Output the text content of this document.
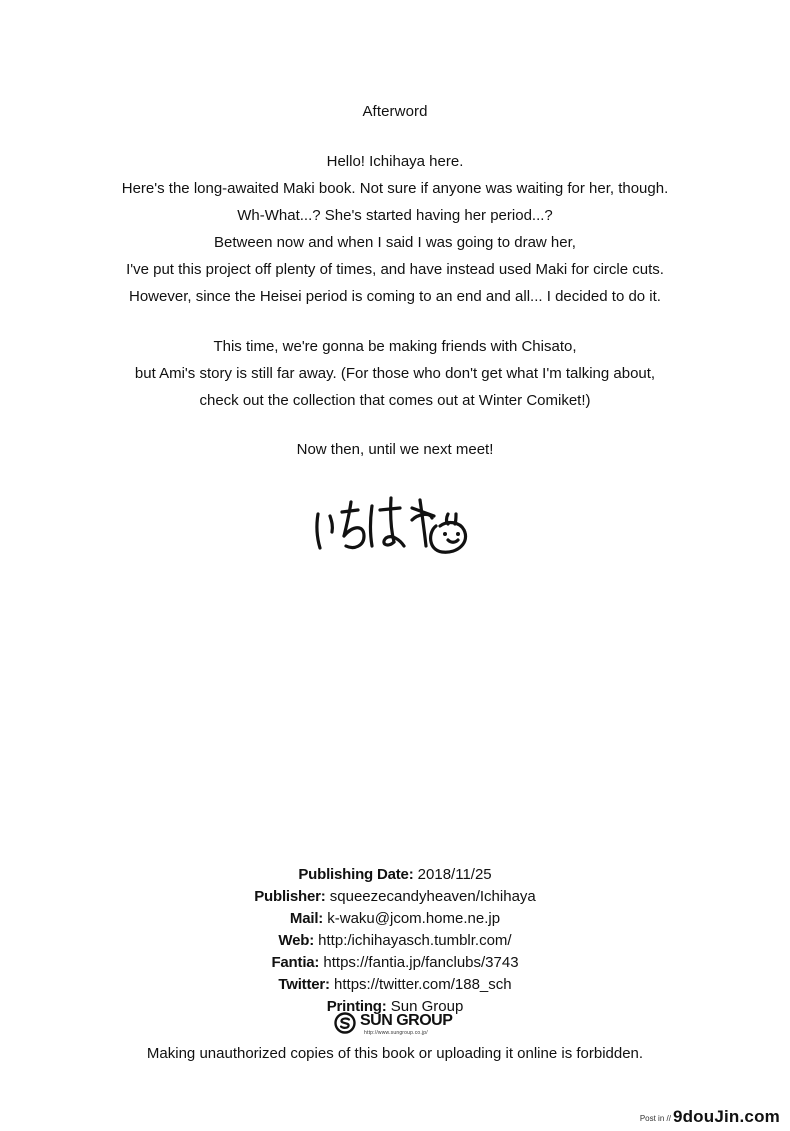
Afterword
Hello! Ichihaya here.
Here's the long-awaited Maki book. Not sure if anyone was waiting for her, though.
Wh-What...? She's started having her period...?
Between now and when I said I was going to draw her,
I've put this project off plenty of times, and have instead used Maki for circle cuts.
However, since the Heisei period is coming to an end and all... I decided to do it.
This time, we're gonna be making friends with Chisato,
but Ami's story is still far away. (For those who don't get what I'm talking about,
check out the collection that comes out at Winter Comiket!)
Now then, until we next meet!
Publishing Date: 2018/11/25
Publisher: squeezecandyheaven/Ichihaya
Mail: k-waku@jcom.home.ne.jp
Web: http:/ichihayasch.tumblr.com/
Fantia: https://fantia.jp/fanclubs/3743
Twitter: https://twitter.com/188_sch
Printing: Sun Group
SUN GROUP
http://www.sungroup.co.jp/
Making unauthorized copies of this book or uploading it online is forbidden.
Post in // 9douJin.com
